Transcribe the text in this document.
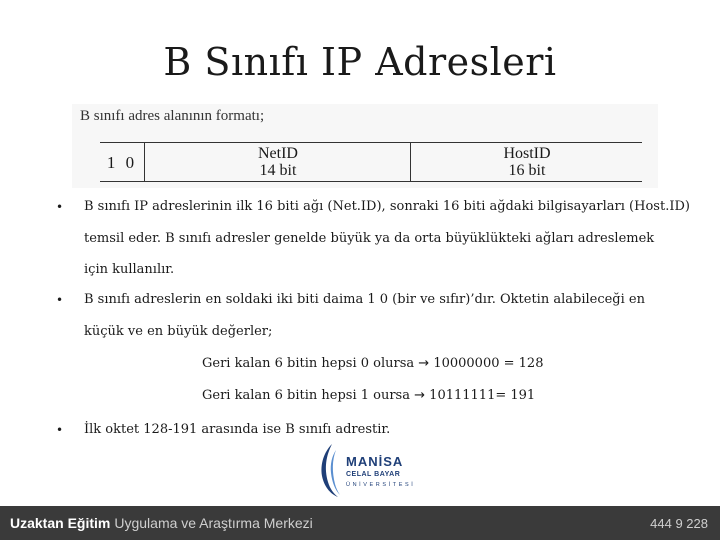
B Sınıfı IP Adresleri
B sınıfı adres alanının formatı;
1 0	NetID
14 bit
HostID
16 bit
• B sınıfı IP adreslerinin ilk 16 biti ağı (Net.ID), sonraki 16 biti ağdaki bilgisayarları (Host.ID)
temsil eder. B sınıfı adresler genelde büyük ya da orta büyüklükteki ağları adreslemek
için kullanılır.
• B sınıfı adreslerin en soldaki iki biti daima 1 0 (bir ve sıfır)’dır. Oktetin alabileceği en
küçük ve en büyük değerler;
Geri kalan 6 bitin hepsi 0 olursa → 10000000 = 128
Geri kalan 6 bitin hepsi 1 oursa → 10111111= 191
• İlk oktet 128-191 arasında ise B sınıfı adrestir.
MANİSA
CELAL BAYAR
ÜNİVERSİTESİ
Uzaktan Eğitim Uygulama ve Araştırma Merkezi	444 9 228
